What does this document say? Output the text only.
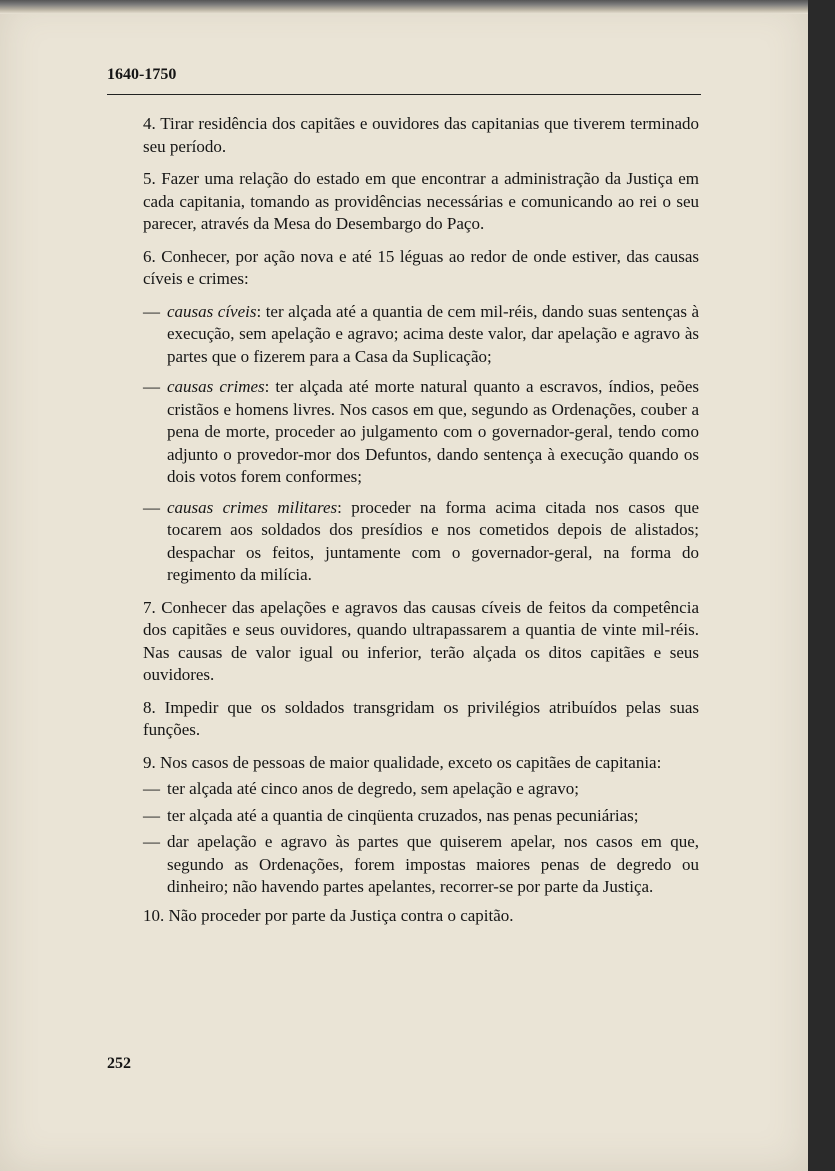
1640-1750

4. Tirar residência dos capitães e ouvidores das capitanias que tiverem terminado seu período.

5. Fazer uma relação do estado em que encontrar a administração da Justiça em cada capitania, tomando as providências necessárias e comunicando ao rei o seu parecer, através da Mesa do Desembargo do Paço.

6. Conhecer, por ação nova e até 15 léguas ao redor de onde estiver, das causas cíveis e crimes:

— causas cíveis: ter alçada até a quantia de cem mil-réis, dando suas sentenças à execução, sem apelação e agravo; acima deste valor, dar apelação e agravo às partes que o fizerem para a Casa da Suplicação;
— causas crimes: ter alçada até morte natural quanto a escravos, índios, peões cristãos e homens livres. Nos casos em que, segundo as Ordenações, couber a pena de morte, proceder ao julgamento com o governador-geral, tendo como adjunto o provedor-mor dos Defuntos, dando sentença à execução quando os dois votos forem conformes;
— causas crimes militares: proceder na forma acima citada nos casos que tocarem aos soldados dos presídios e nos cometidos depois de alistados; despachar os feitos, juntamente com o governador-geral, na forma do regimento da milícia.

7. Conhecer das apelações e agravos das causas cíveis de feitos da competência dos capitães e seus ouvidores, quando ultrapassarem a quantia de vinte mil-réis. Nas causas de valor igual ou inferior, terão alçada os ditos capitães e seus ouvidores.

8. Impedir que os soldados transgridam os privilégios atribuídos pelas suas funções.

9. Nos casos de pessoas de maior qualidade, exceto os capitães de capitania:

— ter alçada até cinco anos de degredo, sem apelação e agravo;
— ter alçada até a quantia de cinqüenta cruzados, nas penas pecuniárias;
— dar apelação e agravo às partes que quiserem apelar, nos casos em que, segundo as Ordenações, forem impostas maiores penas de degredo ou dinheiro; não havendo partes apelantes, recorrer-se por parte da Justiça.

10. Não proceder por parte da Justiça contra o capitão.

252
